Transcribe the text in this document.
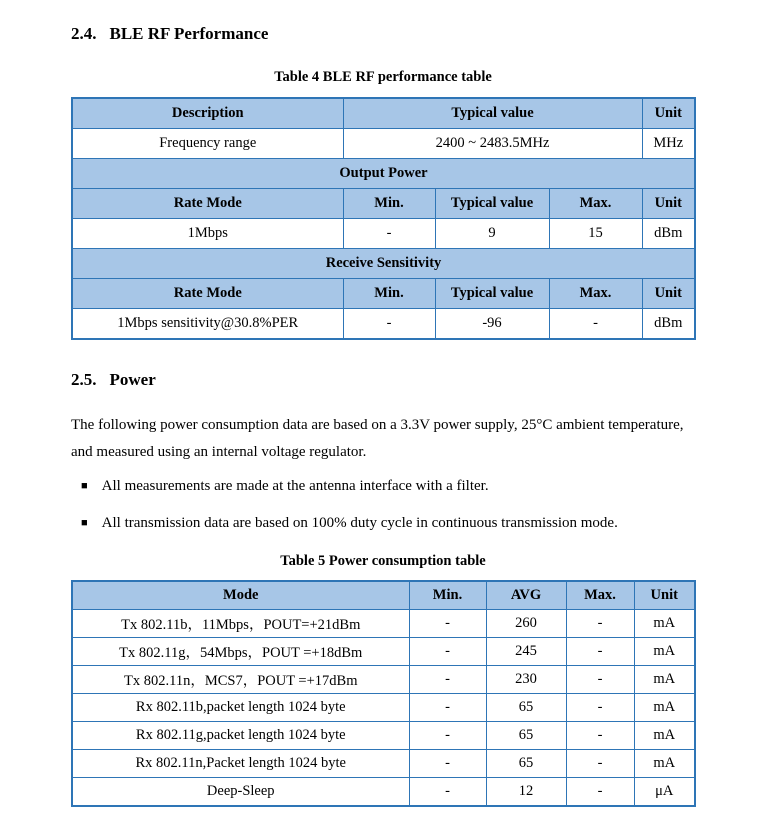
2.4. BLE RF Performance
Table 4 BLE RF performance table
Description	Typical value			Unit
Frequency range	2400 ~ 2483.5MHz			MHz
Output Power				
Rate Mode	Min.	Typical value	Max.	Unit
1Mbps	-	9	15	dBm
Receive Sensitivity				
Rate Mode	Min.	Typical value	Max.	Unit
1Mbps sensitivity@30.8%PER	-	-96	-	dBm
2.5. Power

The following power consumption data are based on a 3.3V power supply, 25°C ambient temperature, and measured using an internal voltage regulator.

■ All measurements are made at the antenna interface with a filter.
■ All transmission data are based on 100% duty cycle in continuous transmission mode.
Table 5 Power consumption table
Mode	Min.	AVG	Max.	Unit
Tx 802.11b，11Mbps，POUT=+21dBm	-	260	-	mA
Tx 802.11g，54Mbps，POUT =+18dBm	-	245	-	mA
Tx 802.11n，MCS7，POUT =+17dBm	-	230	-	mA
Rx 802.11b,packet length 1024 byte	-	65	-	mA
Rx 802.11g,packet length 1024 byte	-	65	-	mA
Rx 802.11n,Packet length 1024 byte	-	65	-	mA
Deep-Sleep	-	12	-	μA
